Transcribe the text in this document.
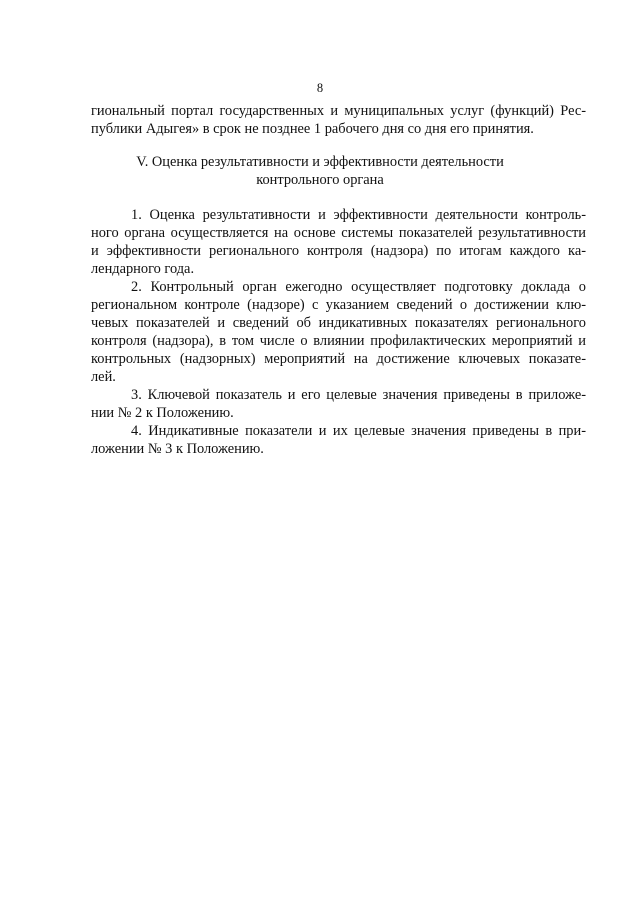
8
гиональный портал государственных и муниципальных услуг (функций) Рес-
публики Адыгея» в срок не позднее 1 рабочего дня со дня его принятия.
V. Оценка результативности и эффективности деятельности
контрольного органа
1. Оценка результативности и эффективности деятельности контроль-
ного органа осуществляется на основе системы показателей результативности
и эффективности регионального контроля (надзора) по итогам каждого ка-
лендарного года.
2. Контрольный орган ежегодно осуществляет подготовку доклада о
региональном контроле (надзоре) с указанием сведений о достижении клю-
чевых показателей и сведений об индикативных показателях регионального
контроля (надзора), в том числе о влиянии профилактических мероприятий и
контрольных (надзорных) мероприятий на достижение ключевых показате-
лей.
3. Ключевой показатель и его целевые значения приведены в приложе-
нии № 2 к Положению.
4. Индикативные показатели и их целевые значения приведены в при-
ложении № 3 к Положению.
